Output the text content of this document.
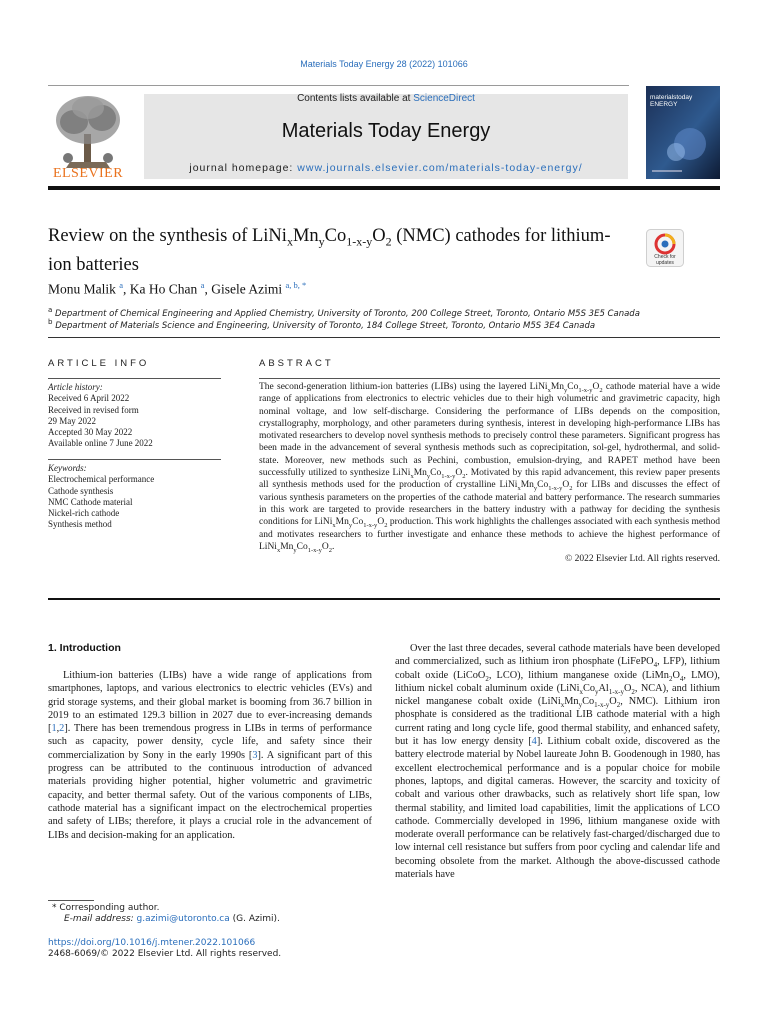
Materials Today Energy 28 (2022) 101066
ELSEVIER
Contents lists available at ScienceDirect
Materials Today Energy
journal homepage: www.journals.elsevier.com/materials-today-energy/
materialstoday ENERGY
Review on the synthesis of $LiNi_xMn_yCo_{1-x-y}O_2$ (NMC) cathodes for lithium-ion batteries	Check for updates
Monu Malik $^a$, Ka Ho Chan $^a$, Gisele Azimi $^{a, b, *}$
$^a$ Department of Chemical Engineering and Applied Chemistry, University of Toronto, 200 College Street, Toronto, Ontario M5S 3E5 Canada
$^b$ Department of Materials Science and Engineering, University of Toronto, 184 College Street, Toronto, Ontario M5S 3E4 Canada
ARTICLE INFO
Article history:
Received 6 April 2022
Received in revised form
29 May 2022
Accepted 30 May 2022
Available online 7 June 2022
Keywords:
Electrochemical performance
Cathode synthesis
NMC Cathode material
Nickel-rich cathode
Synthesis method
ABSTRACT
The second-generation lithium-ion batteries (LIBs) using the layered $LiNi_xMn_yCo_{1-x-y}O_2$ cathode material have a wide range of applications from electronics to electric vehicles due to their high volumetric and gravimetric capacity, high nominal voltage, and low self-discharge. Considering the performance of LIBs depends on the composition, crystallography, morphology, and other parameters during synthesis, interest in developing high-performance LIBs has motivated researchers to develop novel synthesis methods to precisely control these parameters. Significant progress has been made in the advancement of several synthesis methods such as coprecipitation, sol-gel, hydrothermal, and solid-state. Moreover, new methods such as Pechini, combustion, emulsion-drying, and RAPET method have been successfully utilized to synthesize $LiNi_xMn_yCo_{1-x-y}O_2$. Motivated by this rapid advancement, this review paper presents all synthesis methods used for the production of crystalline $LiNi_xMn_yCo_{1-x-y}O_2$ for LIBs and discusses the effect of various synthesis parameters on the properties of the cathode material and battery performance. The research summaries in this work are targeted to provide researchers in the battery industry with a pathway for deciding the synthesis conditions for $LiNi_xMn_yCo_{1-x-y}O_2$ production. This work highlights the challenges associated with each synthesis method and motivates researchers to further investigate and enhance these methods to achieve the highest performance of $LiNi_xMn_yCo_{1-x-y}O_2$.
© 2022 Elsevier Ltd. All rights reserved.
1. Introduction
Lithium-ion batteries (LIBs) have a wide range of applications from smartphones, laptops, and various electronics to electric vehicles (EVs) and grid storage systems, and their global market is booming from 36.7 billion in 2019 to an estimated 129.3 billion in 2027 due to ever-increasing demands [1,2]. There has been tremendous progress in LIBs in terms of performance such as capacity, power density, cycle life, and safety since their commercialization by Sony in the early 1990s [3]. A significant part of this progress can be attributed to the continuous introduction of advanced materials providing higher potential, higher volumetric and gravimetric capacity, and better thermal safety. Out of the various components of LIBs, cathode material has a significant impact on the electrochemical properties and safety of LIBs; therefore, it plays a crucial role in the advancement of LIBs and decision-making for an application.
Over the last three decades, several cathode materials have been developed and commercialized, such as lithium iron phosphate (LiFePO$_4$, LFP), lithium cobalt oxide (LiCoO$_2$, LCO), lithium manganese oxide ($LiMn_2O_4$, LMO), lithium nickel cobalt aluminum oxide ($LiNi_xCo_yAl_{1-x-y}O_2$, NCA), and lithium nickel manganese cobalt oxide ($LiNi_xMn_yCo_{1-x-y}O_2$, NMC). Lithium iron phosphate is considered as the traditional LIB cathode material with a high current rating and long cycle life, good thermal stability, and enhanced safety, but it has low energy density [4]. Lithium cobalt oxide, discovered as the battery electrode material by Nobel laureate John B. Goodenough in 1980, has excellent electrochemical performance and is a popular choice for mobile phones, laptops, and digital cameras. However, the scarcity and toxicity of cobalt and various other drawbacks, such as relatively short life span, low thermal stability, and limited load capabilities, limit the applications of LCO cathode. Commercially developed in 1996, lithium manganese oxide with moderate overall performance can be relatively fast-charged/discharged due to low internal cell resistance but suffers from poor cycling and calendar life and becoming obsolete from the market. Although the above-discussed cathode materials have
* Corresponding author.
E-mail address: g.azimi@utoronto.ca (G. Azimi).
https://doi.org/10.1016/j.mtener.2022.101066
2468-6069/© 2022 Elsevier Ltd. All rights reserved.
